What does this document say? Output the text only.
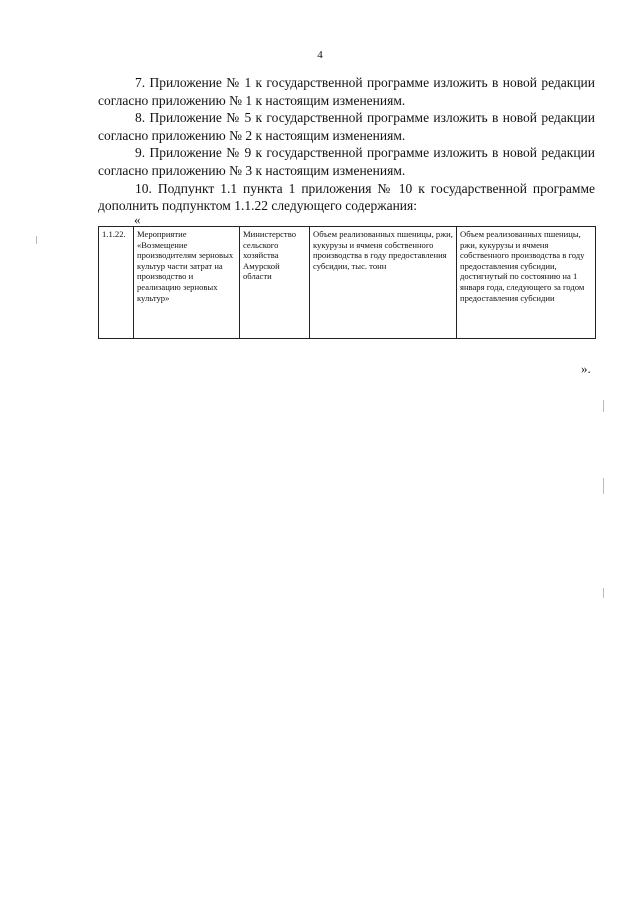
4

7. Приложение № 1 к государственной программе изложить в новой редакции согласно приложению № 1 к настоящим изменениям.

8. Приложение № 5 к государственной программе изложить в новой редакции согласно приложению № 2 к настоящим изменениям.

9. Приложение № 9 к государственной программе изложить в новой редакции согласно приложению № 3 к настоящим изменениям.

10. Подпункт 1.1 пункта 1 приложения № 10 к государственной программе дополнить подпунктом 1.1.22 следующего содержания:

«
1.1.22.	Мероприятие «Возмещение производителям зерновых культур части затрат на производство и реализацию зерновых культур»	Министерство сельского хозяйства Амурской области	Объем реализованных пшеницы, ржи, кукурузы и ячменя собственного производства в году предоставления субсидии, тыс. тонн	Объем реализованных пшеницы, ржи, кукурузы и ячменя собственного производства в году предоставления субсидии, достигнутый по состоянию на 1 января года, следующего за годом предоставления субсидии
».
